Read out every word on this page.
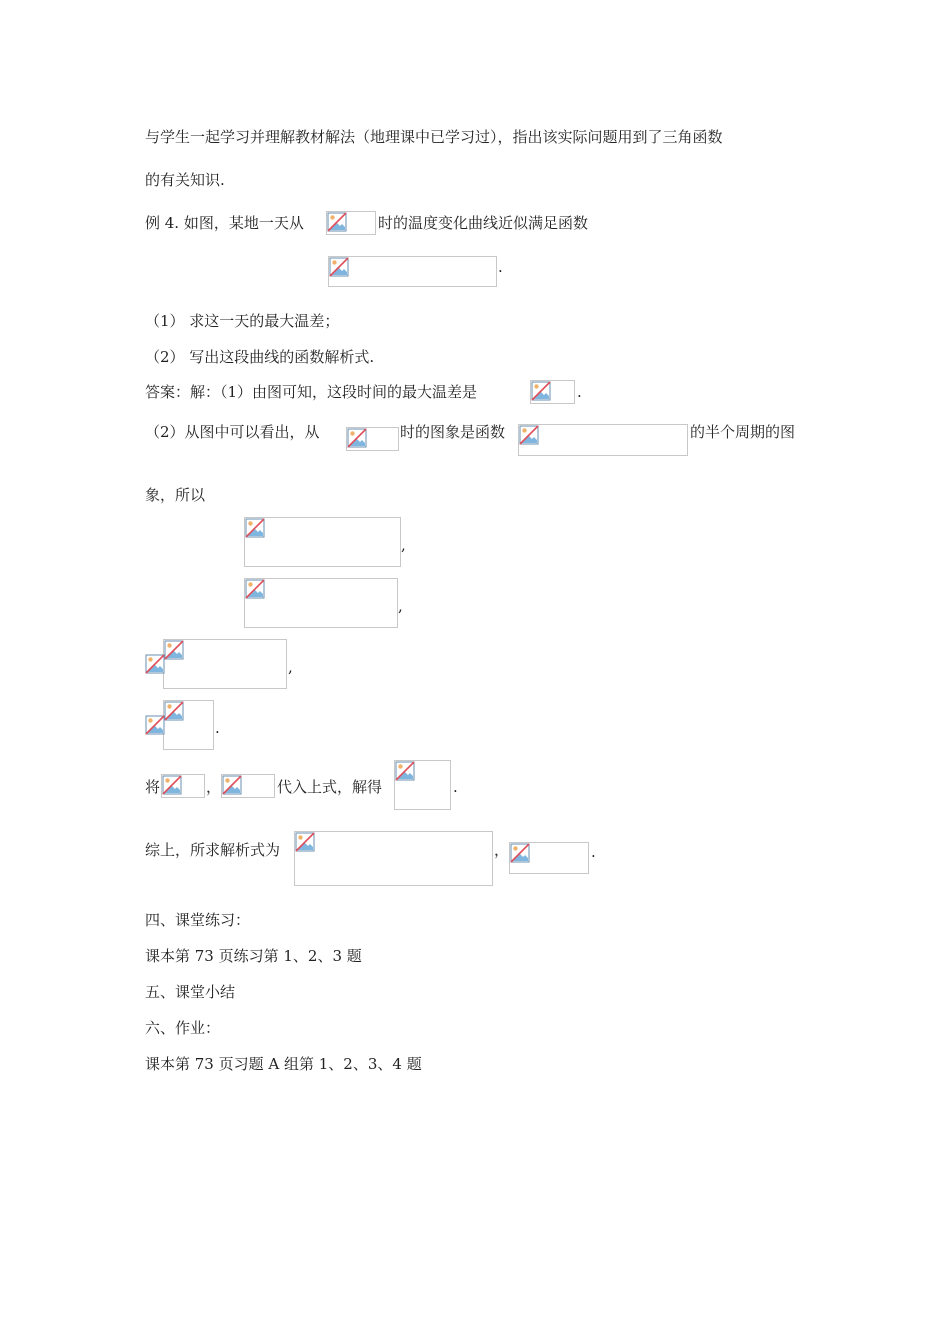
与学生一起学习并理解教材解法（地理课中已学习过），指出该实际问题用到了三角函数
的有关知识.
例 4. 如图，某地一天从	时的温度变化曲线近似满足函数
.
（1） 求这一天的最大温差；
（2） 写出这段曲线的函数解析式.
答案：解：（1）由图可知，这段时间的最大温差是	.
（2）从图中可以看出，从	时的图象是函数	的半个周期的图
象，所以
,
,
,
.
将	，	代入上式，解得	.
综上，所求解析式为	，	.
四、课堂练习：
课本第 73 页练习第 1、2、3 题
五、课堂小结
六、作业：
课本第 73 页习题 A 组第 1、2、3、4 题
